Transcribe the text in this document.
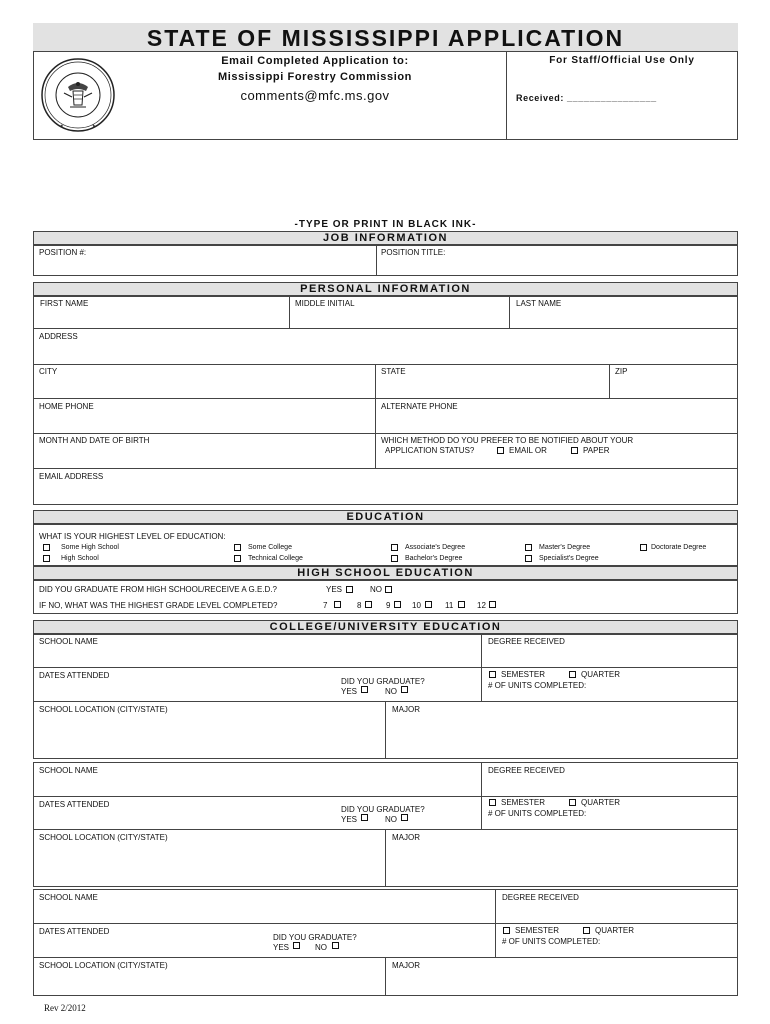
STATE OF MISSISSIPPI APPLICATION
★	★
Email Completed Application to:
Mississippi Forestry Commission
comments@mfc.ms.gov
For Staff/Official Use Only
Received: ________________
-TYPE OR PRINT IN BLACK INK-
JOB INFORMATION
POSITION #:	POSITION TITLE:
PERSONAL INFORMATION
FIRST NAME	MIDDLE INITIAL	LAST NAME
ADDRESS
CITY	STATE	ZIP
HOME PHONE	ALTERNATE PHONE
MONTH AND DATE OF BIRTH	WHICH METHOD DO YOU PREFER TO BE NOTIFIED ABOUT YOUR
APPLICATION STATUS?	EMAIL OR	PAPER
EMAIL ADDRESS
EDUCATION
WHAT IS YOUR HIGHEST LEVEL OF EDUCATION:
Some High School
High School
Some College
Technical College
Associate's Degree
Bachelor's Degree
Master's Degree
Specialist's Degree
Doctorate Degree
HIGH SCHOOL EDUCATION
DID YOU GRADUATE FROM HIGH SCHOOL/RECEIVE A G.E.D.?	YES	NO
IF NO, WHAT WAS THE HIGHEST GRADE LEVEL COMPLETED?	7	8	9	10	11	12
COLLEGE/UNIVERSITY EDUCATION
SCHOOL NAME	DEGREE RECEIVED
DATES ATTENDED
DID YOU GRADUATE?
YES	NO
SEMESTER	QUARTER
# OF UNITS COMPLETED:
SCHOOL LOCATION (CITY/STATE)	MAJOR
SCHOOL NAME	DEGREE RECEIVED
DATES ATTENDED
DID YOU GRADUATE?
YES	NO
SEMESTER	QUARTER
# OF UNITS COMPLETED:
SCHOOL LOCATION (CITY/STATE)	MAJOR
SCHOOL NAME	DEGREE RECEIVED
DATES ATTENDED
DID YOU GRADUATE?
YES	NO
SEMESTER	QUARTER
# OF UNITS COMPLETED:
SCHOOL LOCATION (CITY/STATE)	MAJOR
Rev 2/2012
